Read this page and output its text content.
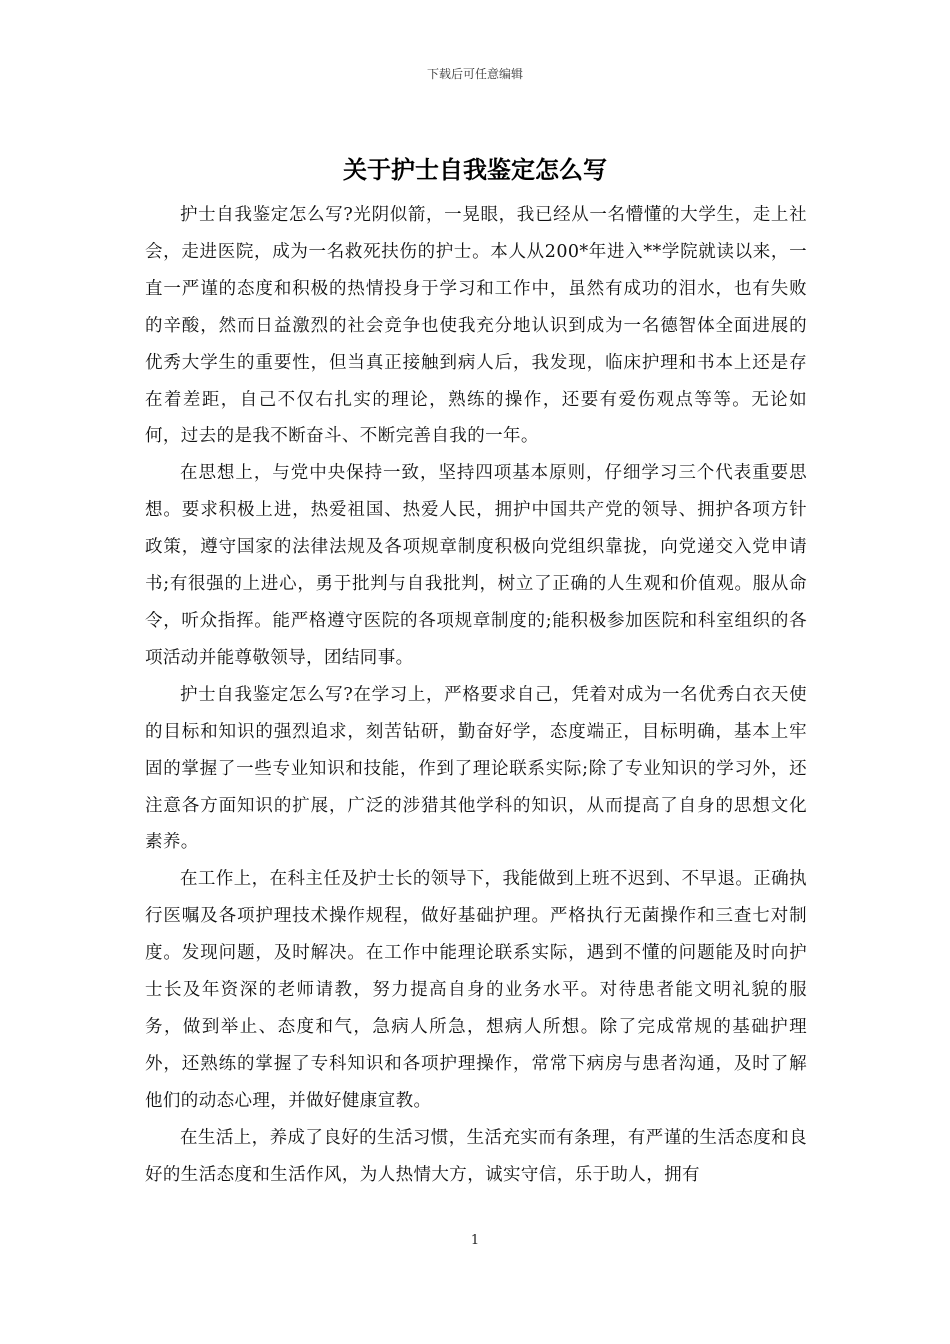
下载后可任意编辑
关于护士自我鉴定怎么写

护士自我鉴定怎么写?光阴似箭，一晃眼，我已经从一名懵懂的大学生，走上社会，走进医院，成为一名救死扶伤的护士。本人从200*年进入**学院就读以来，一直一严谨的态度和积极的热情投身于学习和工作中，虽然有成功的泪水，也有失败的辛酸，然而日益激烈的社会竞争也使我充分地认识到成为一名德智体全面进展的优秀大学生的重要性，但当真正接触到病人后，我发现，临床护理和书本上还是存在着差距，自己不仅右扎实的理论，熟练的操作，还要有爱伤观点等等。无论如何，过去的是我不断奋斗、不断完善自我的一年。

在思想上，与党中央保持一致，坚持四项基本原则，仔细学习三个代表重要思想。要求积极上进，热爱祖国、热爱人民，拥护中国共产党的领导、拥护各项方针政策，遵守国家的法律法规及各项规章制度积极向党组织靠拢，向党递交入党申请书;有很强的上进心，勇于批判与自我批判，树立了正确的人生观和价值观。服从命令，听众指挥。能严格遵守医院的各项规章制度的;能积极参加医院和科室组织的各项活动并能尊敬领导，团结同事。

护士自我鉴定怎么写?在学习上，严格要求自己，凭着对成为一名优秀白衣天使的目标和知识的强烈追求，刻苦钻研，勤奋好学，态度端正，目标明确，基本上牢固的掌握了一些专业知识和技能，作到了理论联系实际;除了专业知识的学习外，还注意各方面知识的扩展，广泛的涉猎其他学科的知识，从而提高了自身的思想文化素养。

在工作上，在科主任及护士长的领导下，我能做到上班不迟到、不早退。正确执行医嘱及各项护理技术操作规程，做好基础护理。严格执行无菌操作和三查七对制度。发现问题，及时解决。在工作中能理论联系实际，遇到不懂的问题能及时向护士长及年资深的老师请教，努力提高自身的业务水平。对待患者能文明礼貌的服务，做到举止、态度和气，急病人所急，想病人所想。除了完成常规的基础护理外，还熟练的掌握了专科知识和各项护理操作，常常下病房与患者沟通，及时了解他们的动态心理，并做好健康宣教。

在生活上，养成了良好的生活习惯，生活充实而有条理，有严谨的生活态度和良好的生活态度和生活作风，为人热情大方，诚实守信，乐于助人，拥有

1
